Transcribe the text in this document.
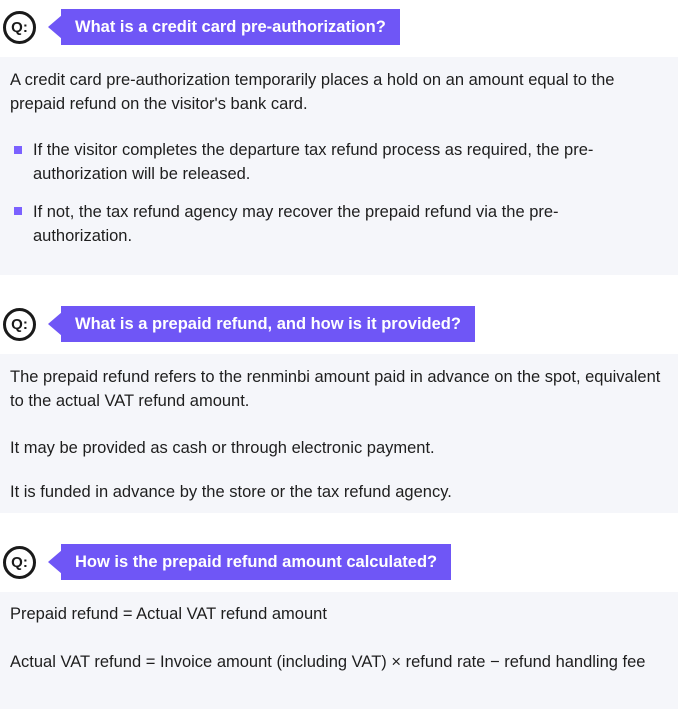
Q:	What is a credit card pre-authorization?
A credit card pre-authorization temporarily places a hold on an amount equal to the prepaid refund on the visitor's bank card.
If the visitor completes the departure tax refund process as required, the pre-authorization will be released.
If not, the tax refund agency may recover the prepaid refund via the pre-authorization.
Q:	What is a prepaid refund, and how is it provided?
The prepaid refund refers to the renminbi amount paid in advance on the spot, equivalent to the actual VAT refund amount.
It may be provided as cash or through electronic payment.
It is funded in advance by the store or the tax refund agency.
Q:	How is the prepaid refund amount calculated?
Prepaid refund = Actual VAT refund amount
Actual VAT refund = Invoice amount (including VAT) × refund rate − refund handling fee
